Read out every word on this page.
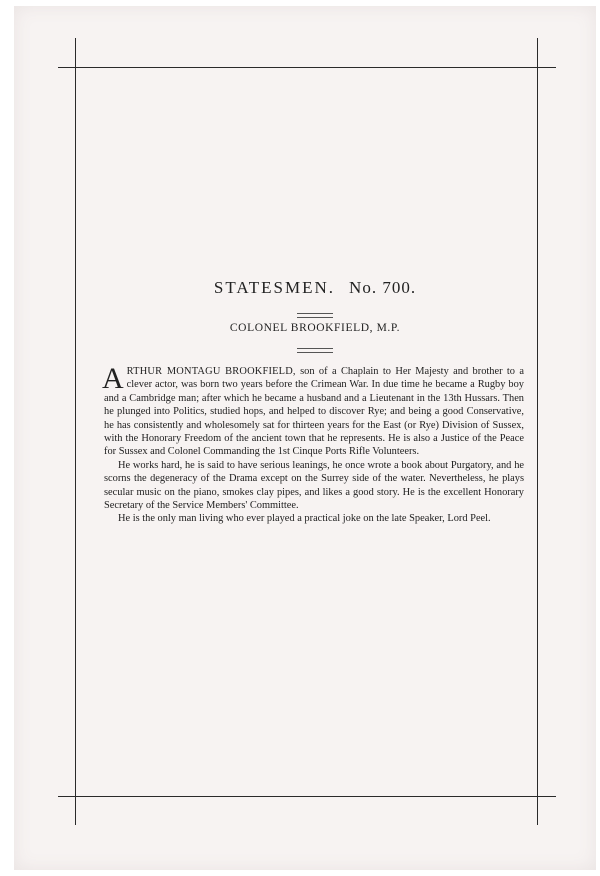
STATESMEN. No. 700.
COLONEL BROOKFIELD, M.P.

ARTHUR MONTAGU BROOKFIELD, son of a Chaplain to Her Majesty and brother to a clever actor, was born two years before the Crimean War. In due time he became a Rugby boy and a Cambridge man; after which he became a husband and a Lieutenant in the 13th Hussars. Then he plunged into Politics, studied hops, and helped to discover Rye; and being a good Conservative, he has consistently and wholesomely sat for thirteen years for the East (or Rye) Division of Sussex, with the Honorary Freedom of the ancient town that he represents. He is also a Justice of the Peace for Sussex and Colonel Commanding the 1st Cinque Ports Rifle Volunteers.

He works hard, he is said to have serious leanings, he once wrote a book about Purgatory, and he scorns the degeneracy of the Drama except on the Surrey side of the water. Nevertheless, he plays secular music on the piano, smokes clay pipes, and likes a good story. He is the excellent Honorary Secretary of the Service Members' Committee.

He is the only man living who ever played a practical joke on the late Speaker, Lord Peel.
